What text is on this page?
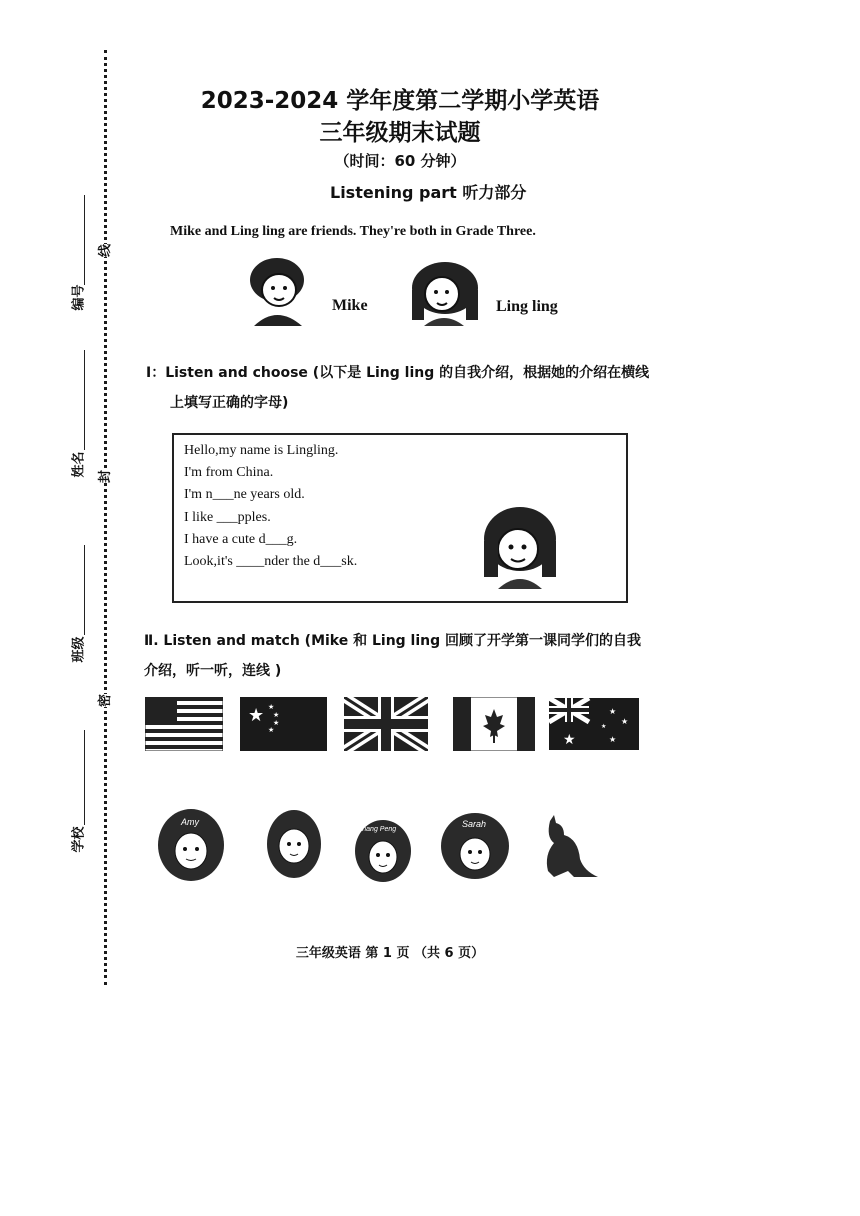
编号
姓名
班级
学校
线
封
密
2023-2024 学年度第二学期小学英语
三年级期末试题
（时间：60 分钟）
Listening part 听力部分
Mike and Ling ling are friends. They're both in Grade Three.
Mike	Ling ling
I：Listen and choose (以下是 Ling ling 的自我介绍，根据她的介绍在横线
上填写正确的字母)
Hello,my name is Lingling.
I'm from China.
I'm n___ne years old.
I like ___pples.
I have a cute d___g.
Look,it's ____nder the d___sk.
Ⅱ. Listen and match (Mike 和 Ling ling 回顾了开学第一课同学们的自我
介绍，听一听，连线 )
★ ★
★
★
★
★
★
★
★
★
Amy
Zhang Peng
Sarah
三年级英语 第 1 页 （共 6 页）
